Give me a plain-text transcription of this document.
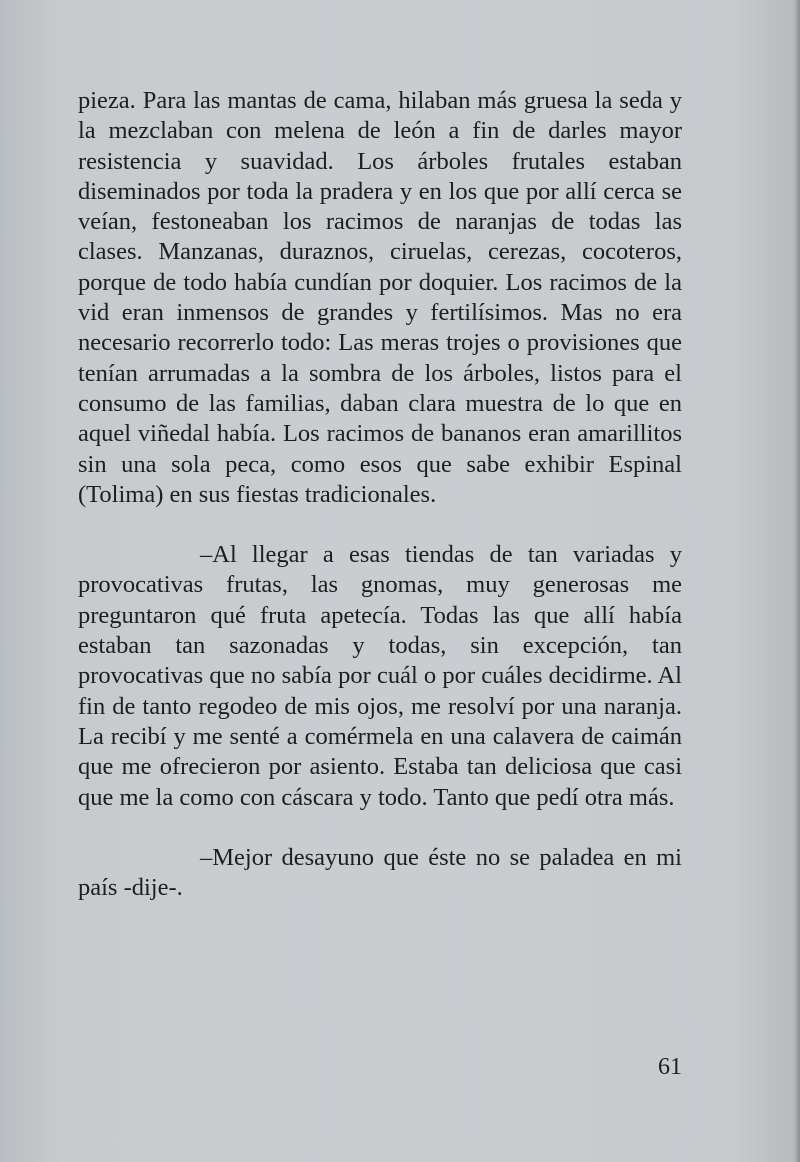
pieza. Para las mantas de cama, hilaban más gruesa la seda y la mezclaban con melena de león a fin de darles mayor resistencia y suavidad. Los árboles frutales estaban diseminados por toda la pradera y en los que por allí cerca se veían, festoneaban los racimos de naranjas de todas las clases. Manzanas, duraznos, ciruelas, cerezas, cocoteros, porque de todo había cundían por doquier. Los racimos de la vid eran inmensos de grandes y fertilísimos. Mas no era necesario recorrerlo todo: Las meras trojes o provisiones que tenían arrumadas a la sombra de los árboles, listos para el consumo de las familias, daban clara muestra de lo que en aquel viñedal había. Los racimos de bananos eran amarillitos sin una sola peca, como esos que sabe exhibir Espinal (Tolima) en sus fiestas tradicionales.

–Al llegar a esas tiendas de tan variadas y provocativas frutas, las gnomas, muy generosas me preguntaron qué fruta apetecía. Todas las que allí había estaban tan sazonadas y todas, sin excepción, tan provocativas que no sabía por cuál o por cuáles decidirme. Al fin de tanto regodeo de mis ojos, me resolví por una naranja. La recibí y me senté a comérmela en una calavera de caimán que me ofrecieron por asiento. Estaba tan deliciosa que casi que me la como con cáscara y todo. Tanto que pedí otra más.

–Mejor desayuno que éste no se paladea en mi país -dije-.

61
